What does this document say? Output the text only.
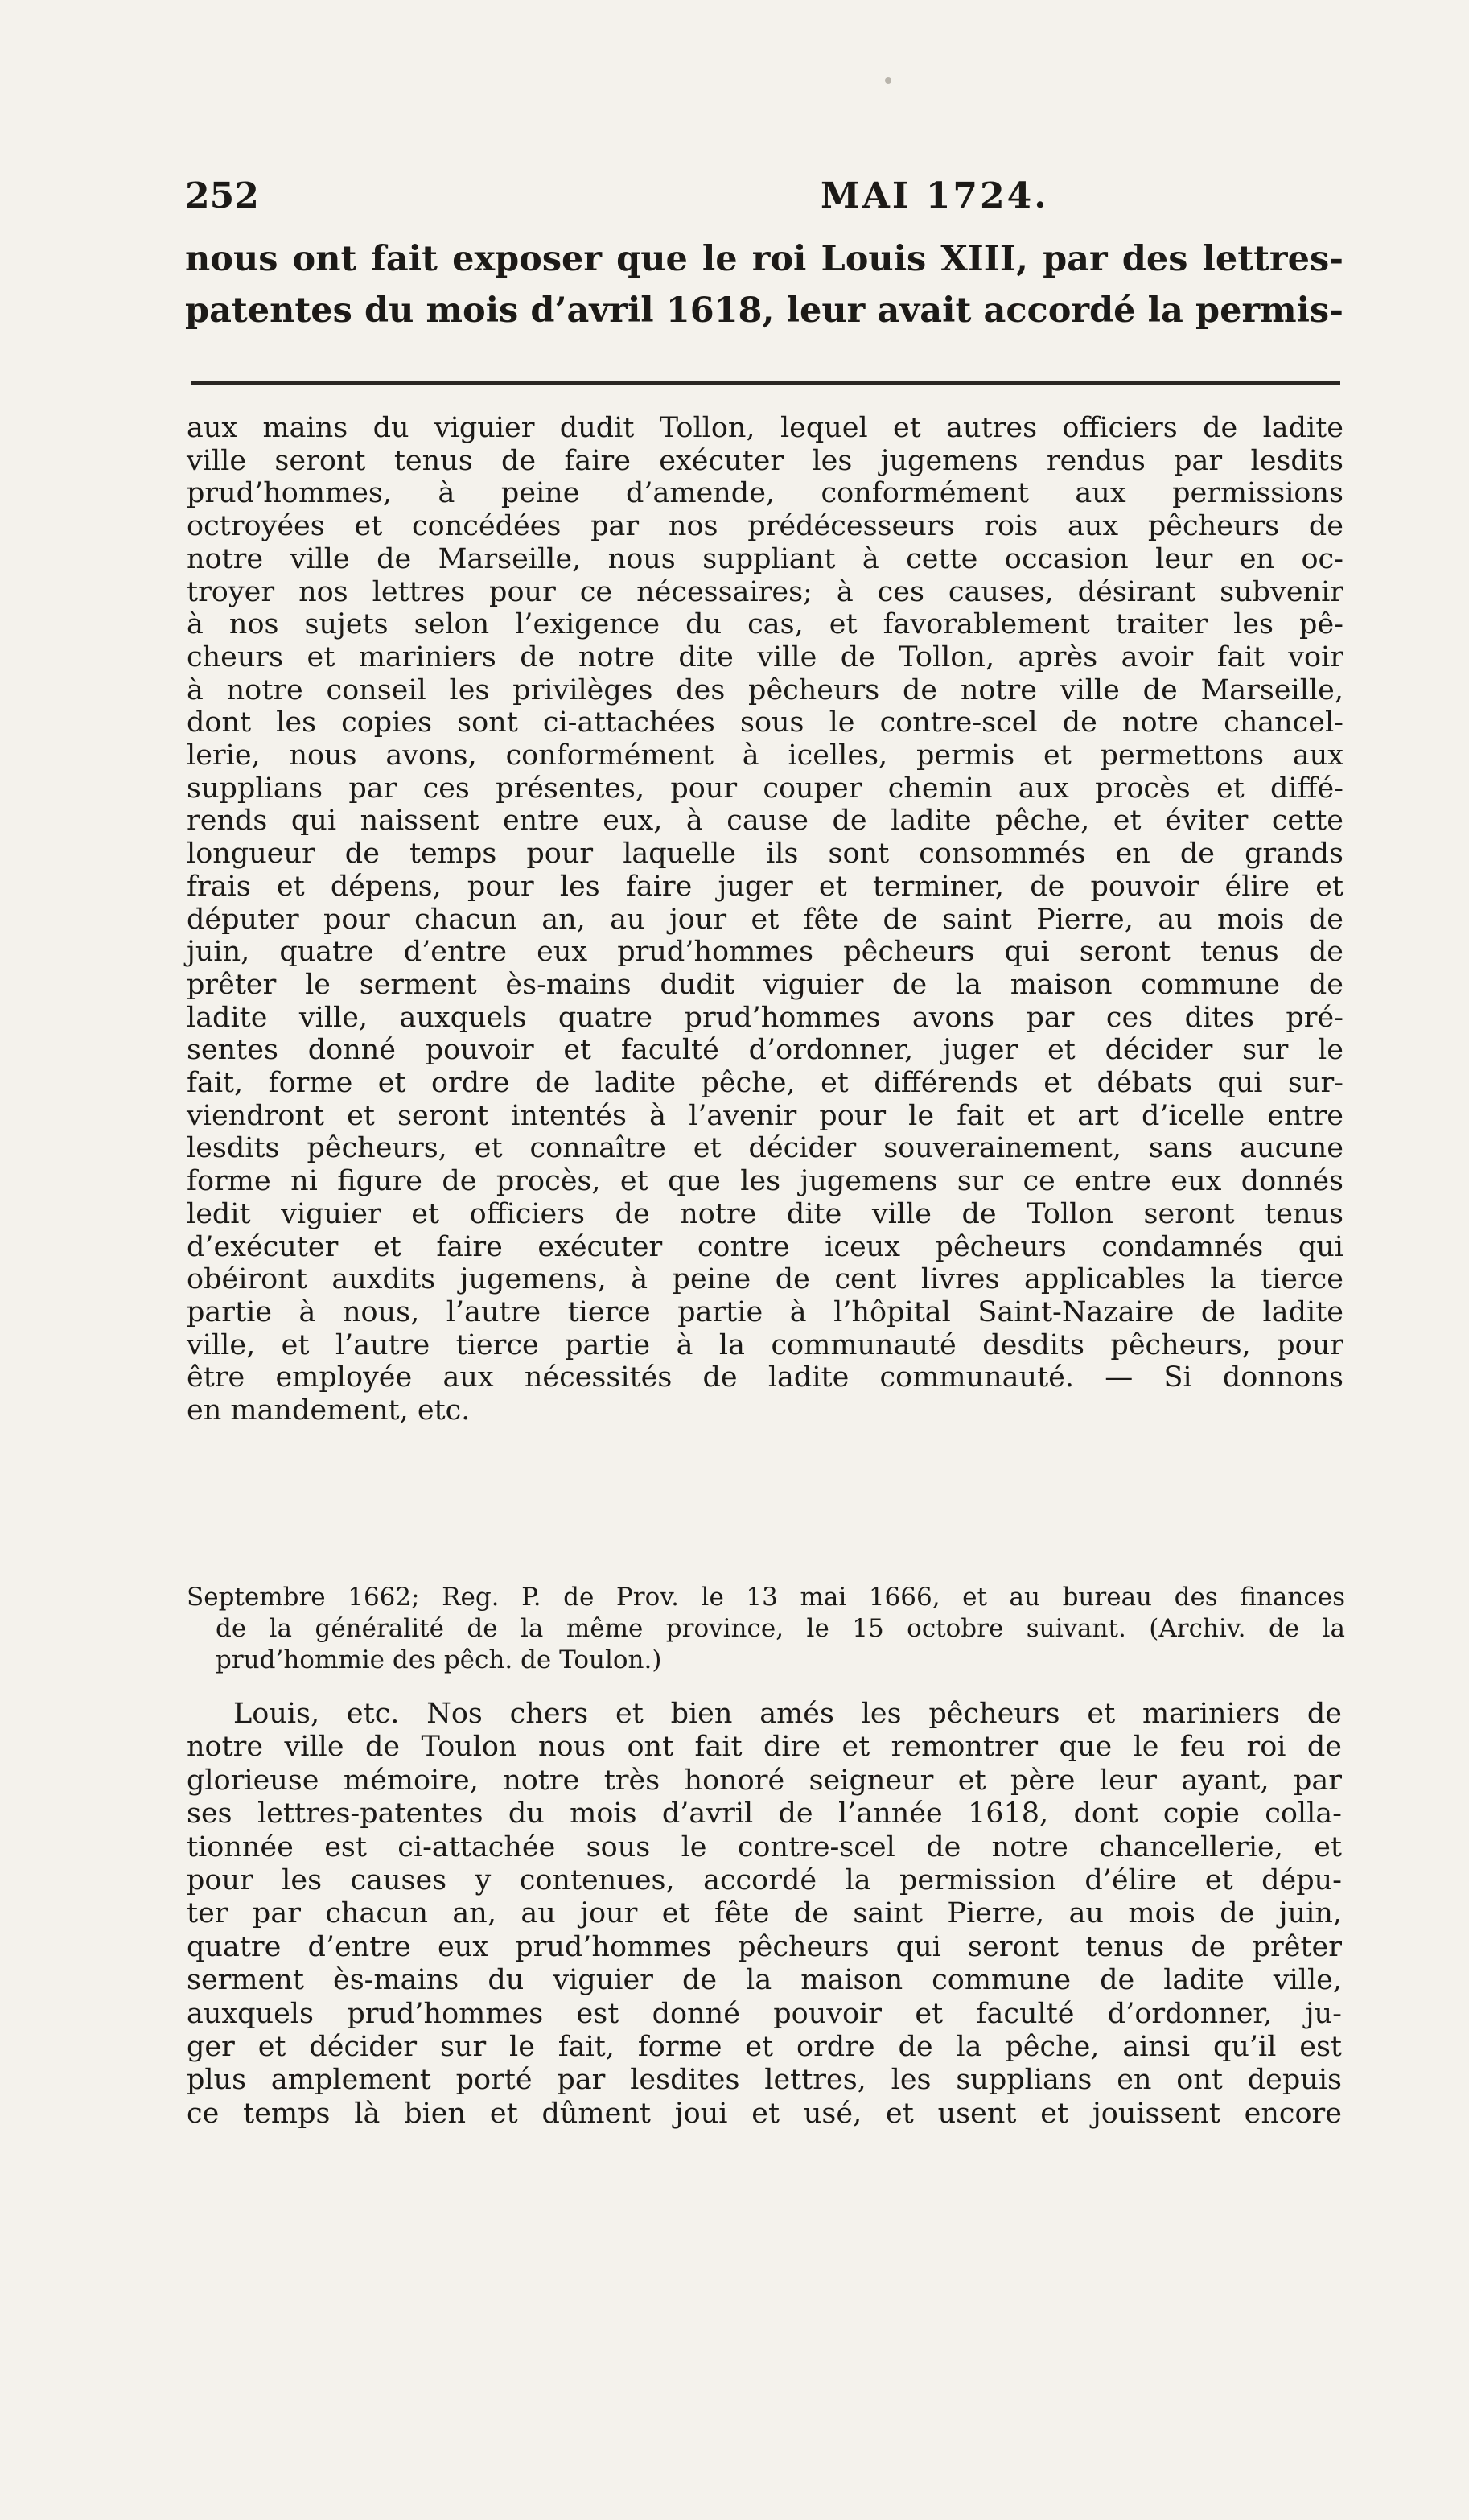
252	MAI 1724.
nous ont fait exposer que le roi Louis XIII, par des lettres-
patentes du mois d’avril 1618, leur avait accordé la permis-
aux mains du viguier dudit Tollon, lequel et autres officiers de ladite
ville seront tenus de faire exécuter les jugemens rendus par lesdits
prud’hommes, à peine d’amende, conformément aux permissions
octroyées et concédées par nos prédécesseurs rois aux pêcheurs de
notre ville de Marseille, nous suppliant à cette occasion leur en oc-
troyer nos lettres pour ce nécessaires; à ces causes, désirant subvenir
à nos sujets selon l’exigence du cas, et favorablement traiter les pê-
cheurs et mariniers de notre dite ville de Tollon, après avoir fait voir
à notre conseil les privilèges des pêcheurs de notre ville de Marseille,
dont les copies sont ci-attachées sous le contre-scel de notre chancel-
lerie, nous avons, conformément à icelles, permis et permettons aux
supplians par ces présentes, pour couper chemin aux procès et diffé-
rends qui naissent entre eux, à cause de ladite pêche, et éviter cette
longueur de temps pour laquelle ils sont consommés en de grands
frais et dépens, pour les faire juger et terminer, de pouvoir élire et
députer pour chacun an, au jour et fête de saint Pierre, au mois de
juin, quatre d’entre eux prud’hommes pêcheurs qui seront tenus de
prêter le serment ès-mains dudit viguier de la maison commune de
ladite ville, auxquels quatre prud’hommes avons par ces dites pré-
sentes donné pouvoir et faculté d’ordonner, juger et décider sur le
fait, forme et ordre de ladite pêche, et différends et débats qui sur-
viendront et seront intentés à l’avenir pour le fait et art d’icelle entre
lesdits pêcheurs, et connaître et décider souverainement, sans aucune
forme ni figure de procès, et que les jugemens sur ce entre eux donnés
ledit viguier et officiers de notre dite ville de Tollon seront tenus
d’exécuter et faire exécuter contre iceux pêcheurs condamnés qui
obéiront auxdits jugemens, à peine de cent livres applicables la tierce
partie à nous, l’autre tierce partie à l’hôpital Saint-Nazaire de ladite
ville, et l’autre tierce partie à la communauté desdits pêcheurs, pour
être employée aux nécessités de ladite communauté. — Si donnons
en mandement, etc.
Septembre 1662; Reg. P. de Prov. le 13 mai 1666, et au bureau des finances
de la généralité de la même province, le 15 octobre suivant. (Archiv. de la
prud’hommie des pêch. de Toulon.)
Louis, etc. Nos chers et bien amés les pêcheurs et mariniers de
notre ville de Toulon nous ont fait dire et remontrer que le feu roi de
glorieuse mémoire, notre très honoré seigneur et père leur ayant, par
ses lettres-patentes du mois d’avril de l’année 1618, dont copie colla-
tionnée est ci-attachée sous le contre-scel de notre chancellerie, et
pour les causes y contenues, accordé la permission d’élire et dépu-
ter par chacun an, au jour et fête de saint Pierre, au mois de juin,
quatre d’entre eux prud’hommes pêcheurs qui seront tenus de prêter
serment ès-mains du viguier de la maison commune de ladite ville,
auxquels prud’hommes est donné pouvoir et faculté d’ordonner, ju-
ger et décider sur le fait, forme et ordre de la pêche, ainsi qu’il est
plus amplement porté par lesdites lettres, les supplians en ont depuis
ce temps là bien et dûment joui et usé, et usent et jouissent encore
